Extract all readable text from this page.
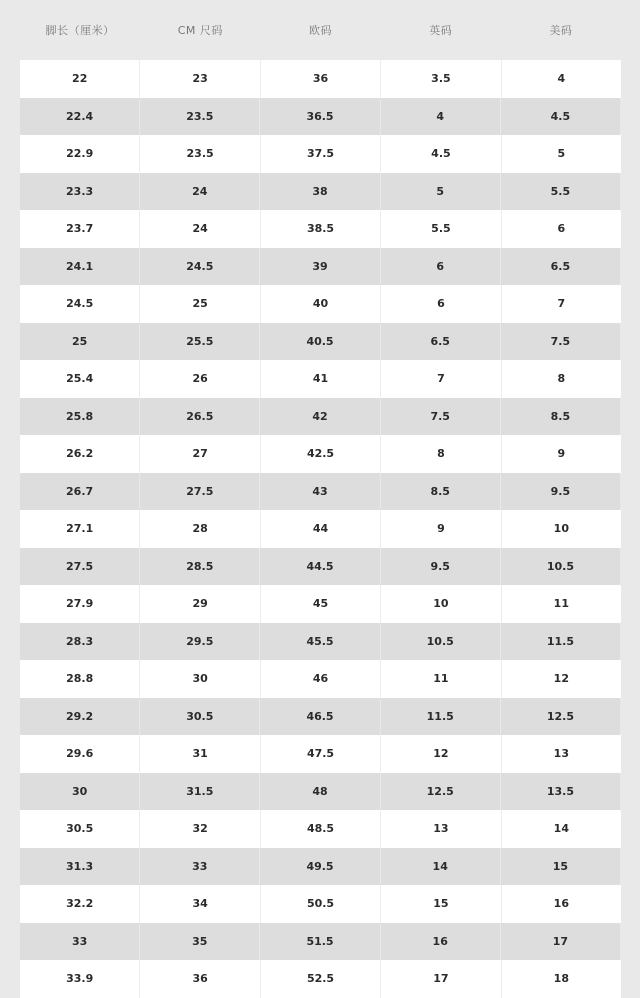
脚长（厘米）	CM 尺码	欧码	英码	美码
22	23	36	3.5	4
22.4	23.5	36.5	4	4.5
22.9	23.5	37.5	4.5	5
23.3	24	38	5	5.5
23.7	24	38.5	5.5	6
24.1	24.5	39	6	6.5
24.5	25	40	6	7
25	25.5	40.5	6.5	7.5
25.4	26	41	7	8
25.8	26.5	42	7.5	8.5
26.2	27	42.5	8	9
26.7	27.5	43	8.5	9.5
27.1	28	44	9	10
27.5	28.5	44.5	9.5	10.5
27.9	29	45	10	11
28.3	29.5	45.5	10.5	11.5
28.8	30	46	11	12
29.2	30.5	46.5	11.5	12.5
29.6	31	47.5	12	13
30	31.5	48	12.5	13.5
30.5	32	48.5	13	14
31.3	33	49.5	14	15
32.2	34	50.5	15	16
33	35	51.5	16	17
33.9	36	52.5	17	18
